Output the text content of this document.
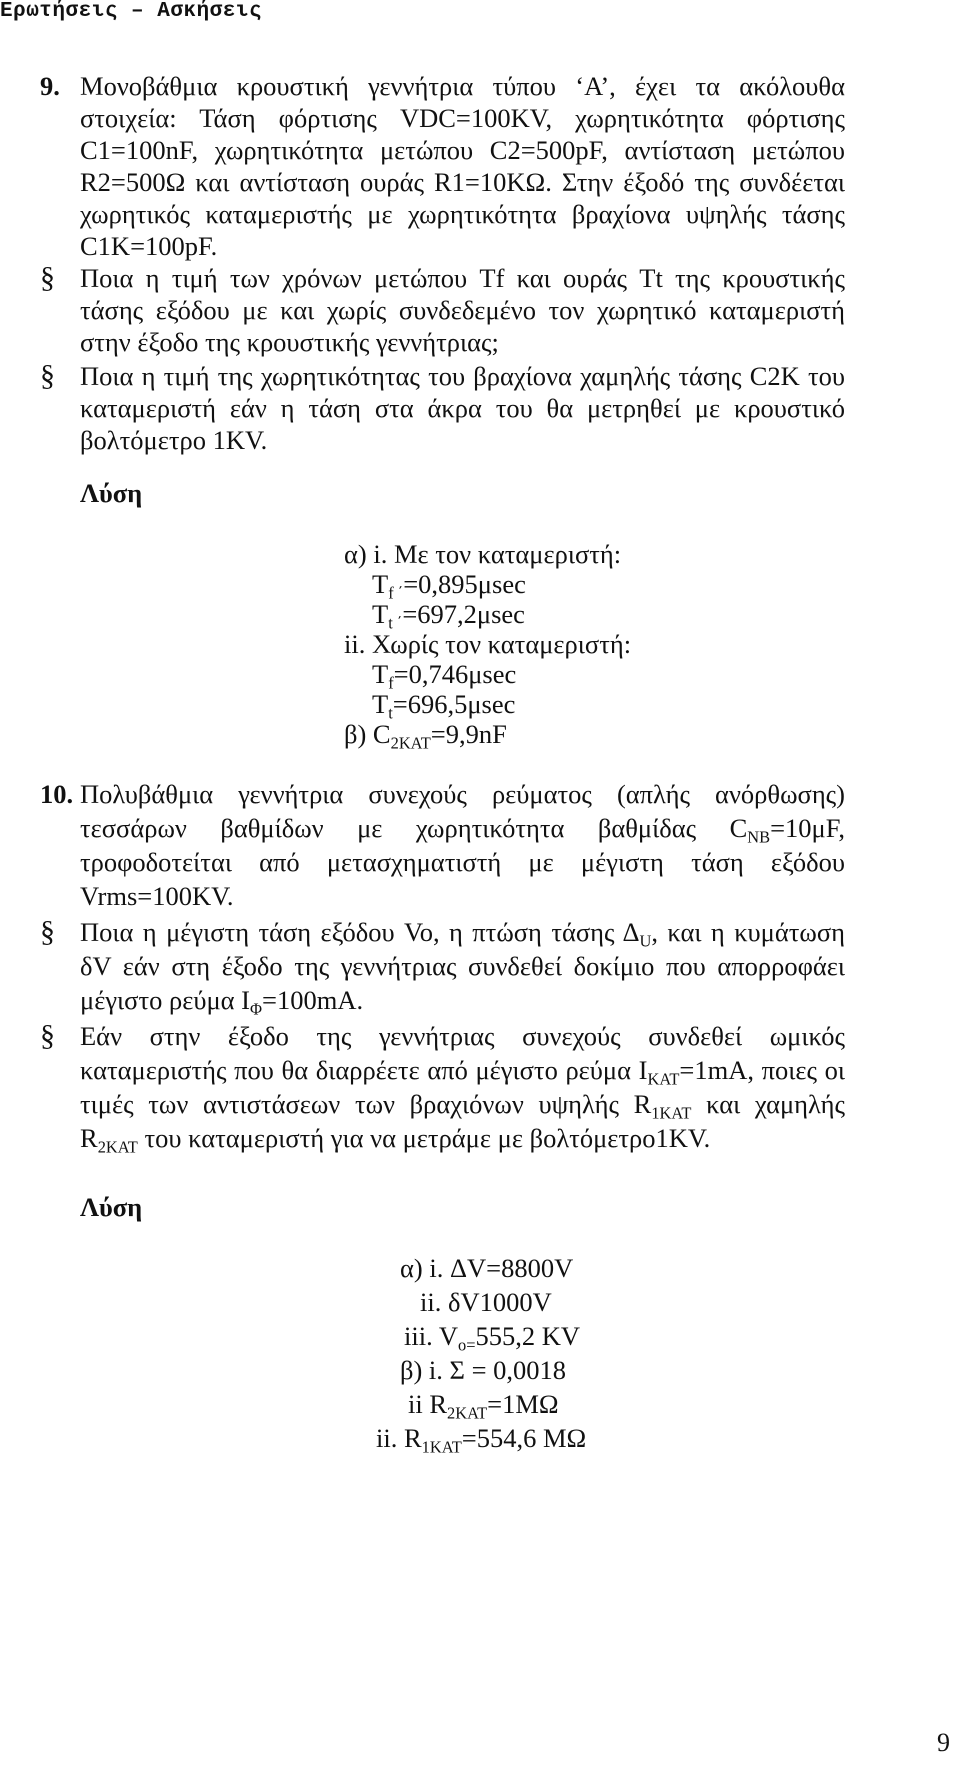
Ερωτήσεις – Ασκήσεις
9. Μονοβάθμια κρουστική γεννήτρια τύπου ‘A’, έχει τα ακόλουθα
στοιχεία: Τάση φόρτισης VDC=100KV, χωρητικότητα φόρτισης
C1=100nF, χωρητικότητα μετώπου C2=500pF, αντίσταση μετώπου
R2=500Ω και αντίσταση ουράς R1=10KΩ. Στην έξοδό της συνδέεται
χωρητικός καταμεριστής με χωρητικότητα βραχίονα υψηλής τάσης
C1K=100pF.
§ Ποια η τιμή των χρόνων μετώπου Tf και ουράς Tt της κρουστικής
τάσης εξόδου με και χωρίς συνδεδεμένο τον χωρητικό καταμεριστή
στην έξοδο της κρουστικής γεννήτριας;
§ Ποια η τιμή της χωρητικότητας του βραχίονα χαμηλής τάσης C2K του
καταμεριστή εάν η τάση στα άκρα του θα μετρηθεί με κρουστικό
βολτόμετρο 1KV.
Λύση
α) i. Με τον καταμεριστή:
$T_{f ΄}=0,895\mu\sec$
$T_{t ΄}=697,2\mu\sec$
ii. Χωρίς τον καταμεριστή:
$T_f=0,746\mu\sec$
$T_t=696,5\mu\sec$
β) $C_{2KAT}=9,9nF$
10. Πολυβάθμια γεννήτρια συνεχούς ρεύματος (απλής ανόρθωσης)
τεσσάρων βαθμίδων με χωρητικότητα βαθμίδας $C_{NB}=10\mu F$,
τροφοδοτείται από μετασχηματιστή με μέγιστη τάση εξόδου
Vrms=100KV.
§ Ποια η μέγιστη τάση εξόδου Vo, η πτώση τάσης $\Delta_U$, και η κυμάτωση
δV εάν στη έξοδο της γεννήτριας συνδεθεί δοκίμιο που απορροφάει
μέγιστο ρεύμα $I_\Phi=100mA$.
§ Εάν στην έξοδο της γεννήτριας συνεχούς συνδεθεί ωμικός
καταμεριστής που θα διαρρέετε από μέγιστο ρεύμα $I_{KAT}=1mA$, ποιες οι
τιμές των αντιστάσεων των βραχιόνων υψηλής $R_{1KAT}$ και χαμηλής
$R_{2KAT}$ του καταμεριστή για να μετράμε με βολτόμετρο1KV.
Λύση
α) i. ΔV=8800V
ii. δV1000V
iii. $V_{o=}555,2$ KV
β) i. Σ = 0,0018
ii $R_{2KAT}=1M\Omega$
ii. $R_{1KAT}=554,6$ MΩ
9
